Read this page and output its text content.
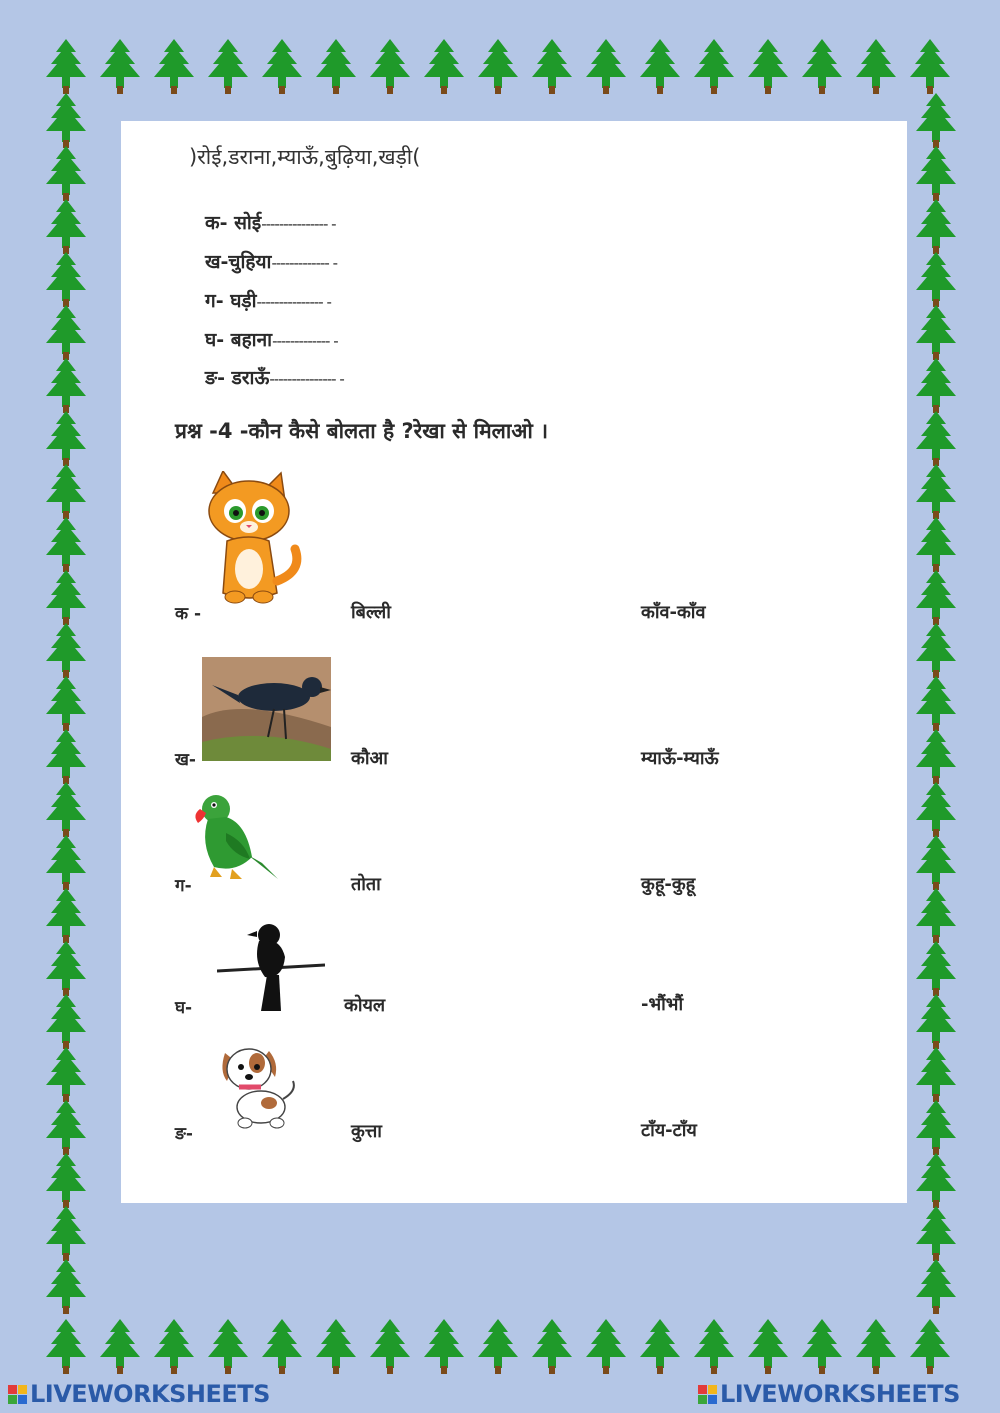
)रोई,डराना,म्याऊँ,बुढ़िया,खड़ी(
क- सोई--------------- -
ख-चुहिया------------- -
ग- घड़ी--------------- -
घ- बहाना------------- -
ङ- डराऊँ--------------- -
प्रश्न -4 -कौन कैसे बोलता है ?रेखा से मिलाओ ।
क -	बिल्ली	काँव-काँव
ख-	कौआ	म्याऊँ-म्याऊँ
ग-	तोता	कुहू-कुहू
घ-	कोयल	-भौंभौं
ङ-	कुत्ता	टाँय-टाँय
LIVEWORKSHEETS	LIVEWORKSHEETS
